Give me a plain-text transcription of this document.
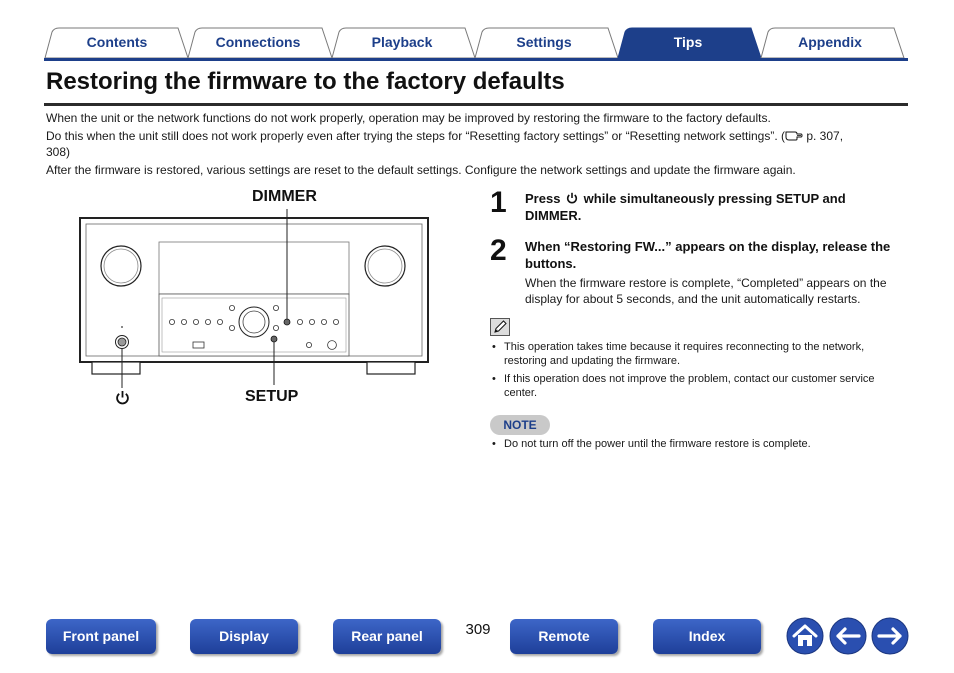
Contents	Connections	Playback	Settings	Tips	Appendix
Restoring the firmware to the factory defaults

When the unit or the network functions do not work properly, operation may be improved by restoring the firmware to the factory defaults.

Do this when the unit still does not work properly even after trying the steps for “Resetting factory settings” or “Resetting network settings”. ( p. 307,
308)

After the firmware is restored, various settings are reset to the default settings. Configure the network settings and update the firmware again.

DIMMER
SETUP
1 Press while simultaneously pressing SETUP and DIMMER.

2 When “Restoring FW...” appears on the display, release the buttons.

When the firmware restore is complete, “Completed” appears on the display for about 5 seconds, and the unit automatically restarts.

• This operation takes time because it requires reconnecting to the network, restoring and updating the firmware.
• If this operation does not improve the problem, contact our customer service center.
NOTE
• Do not turn off the power until the firmware restore is complete.
Front panel	Display	Rear panel	309	Remote	Index
